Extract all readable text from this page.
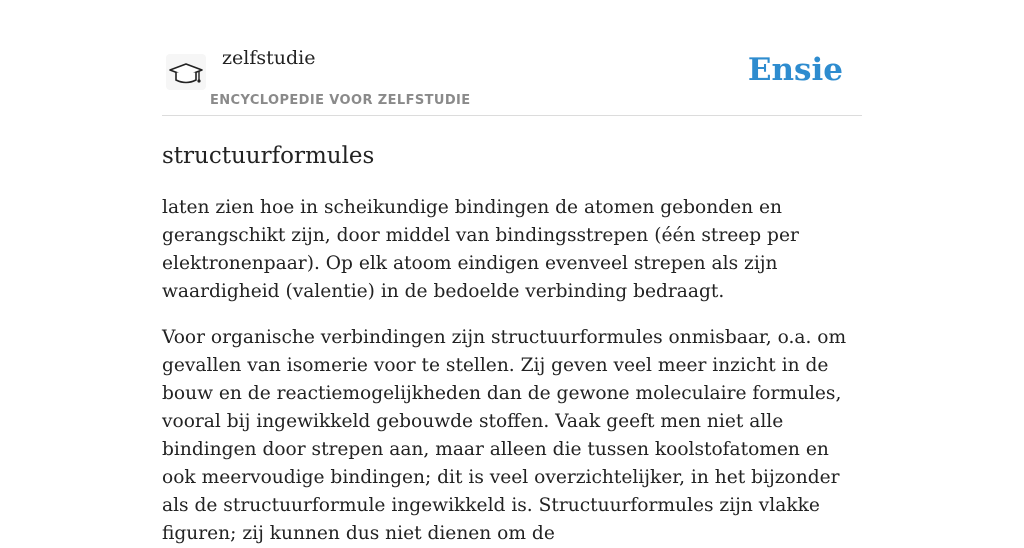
zelfstudie
ENCYCLOPEDIE VOOR ZELFSTUDIE
Ensie
structuurformules

laten zien hoe in scheikundige bindingen de atomen gebonden en gerangschikt zijn, door middel van bindingsstrepen (één streep per elektronenpaar). Op elk atoom eindigen evenveel strepen als zijn waardigheid (valentie) in de bedoelde verbinding bedraagt.

Voor organische verbindingen zijn structuurformules onmisbaar, o.a. om gevallen van isomerie voor te stellen. Zij geven veel meer inzicht in de bouw en de reactiemogelijkheden dan de gewone moleculaire formules, vooral bij ingewikkeld gebouwde stoffen. Vaak geeft men niet alle bindingen door strepen aan, maar alleen die tussen koolstofatomen en ook meervoudige bindingen; dit is veel overzichtelijker, in het bijzonder als de structuurformule ingewikkeld is. Structuurformules zijn vlakke figuren; zij kunnen dus niet dienen om de
